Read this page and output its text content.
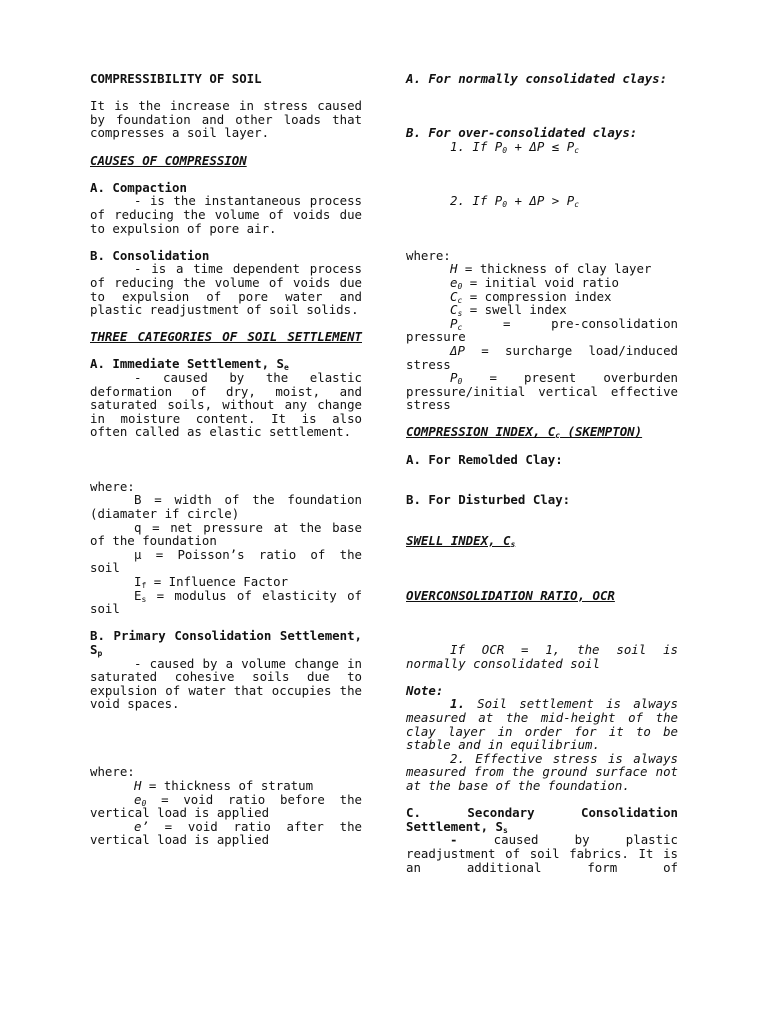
COMPRESSIBILITY OF SOIL

It is the increase in stress caused by foundation and other loads that compresses a soil layer.

CAUSES OF COMPRESSION

A. Compaction

- is the instantaneous process of reducing the volume of voids due to expulsion of pore air.

B. Consolidation

- is a time dependent process of reducing the volume of voids due to expulsion of pore water and plastic readjustment of soil solids.

THREE CATEGORIES OF SOIL SETTLEMENT

A. Immediate Settlement, $S_e$

- caused by the elastic deformation of dry, moist, and saturated soils, without any change in moisture content. It is also often called as elastic settlement.

where:

B = width of the foundation (diamater if circle)

q = net pressure at the base of the foundation

μ = Poisson’s ratio of the soil

$I_f$ = Influence Factor

$E_s$ = modulus of elasticity of soil

B. Primary Consolidation Settlement, $S_p$

- caused by a volume change in saturated cohesive soils due to expulsion of water that occupies the void spaces.

where:

H = thickness of stratum

$e_0$ = void ratio before the vertical load is applied

e’ = void ratio after the vertical load is applied

A. For normally consolidated clays:

B. For over-consolidated clays:

1. If $P_0 + \Delta P \le P_c$

2. If $P_0 + \Delta P > P_c$

where:

H = thickness of clay layer

$e_0$ = initial void ratio

$C_c$ = compression index

$C_s$ = swell index

$P_c$ = pre-consolidation pressure

ΔP = surcharge load/induced stress

$P_0$ = present overburden pressure/initial vertical effective stress

COMPRESSION INDEX, $C_c$ (SKEMPTON)

A. For Remolded Clay:

B. For Disturbed Clay:

SWELL INDEX, $C_s$

OVERCONSOLIDATION RATIO, OCR

If OCR = 1, the soil is normally consolidated soil

Note:

1. Soil settlement is always measured at the mid-height of the clay layer in order for it to be stable and in equilibrium.

2. Effective stress is always measured from the ground surface not at the base of the foundation.

C. Secondary Consolidation Settlement, $S_s$

- caused by plastic readjustment of soil fabrics. It is an additional form of
